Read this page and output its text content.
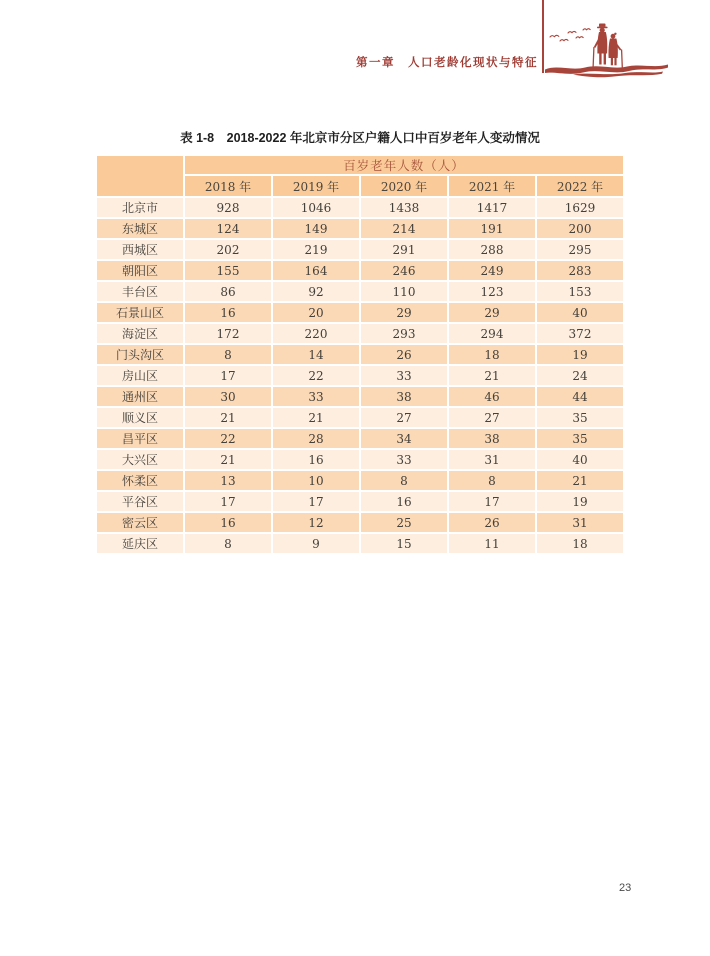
第一章　人口老龄化现状与特征
表 1-8　2018-2022 年北京市分区户籍人口中百岁老年人变动情况
	百岁老年人数（人）				
	2018 年	2019 年	2020 年	2021 年	2022 年
北京市	928	1046	1438	1417	1629
东城区	124	149	214	191	200
西城区	202	219	291	288	295
朝阳区	155	164	246	249	283
丰台区	86	92	110	123	153
石景山区	16	20	29	29	40
海淀区	172	220	293	294	372
门头沟区	8	14	26	18	19
房山区	17	22	33	21	24
通州区	30	33	38	46	44
顺义区	21	21	27	27	35
昌平区	22	28	34	38	35
大兴区	21	16	33	31	40
怀柔区	13	10	8	8	21
平谷区	17	17	16	17	19
密云区	16	12	25	26	31
延庆区	8	9	15	11	18
23
